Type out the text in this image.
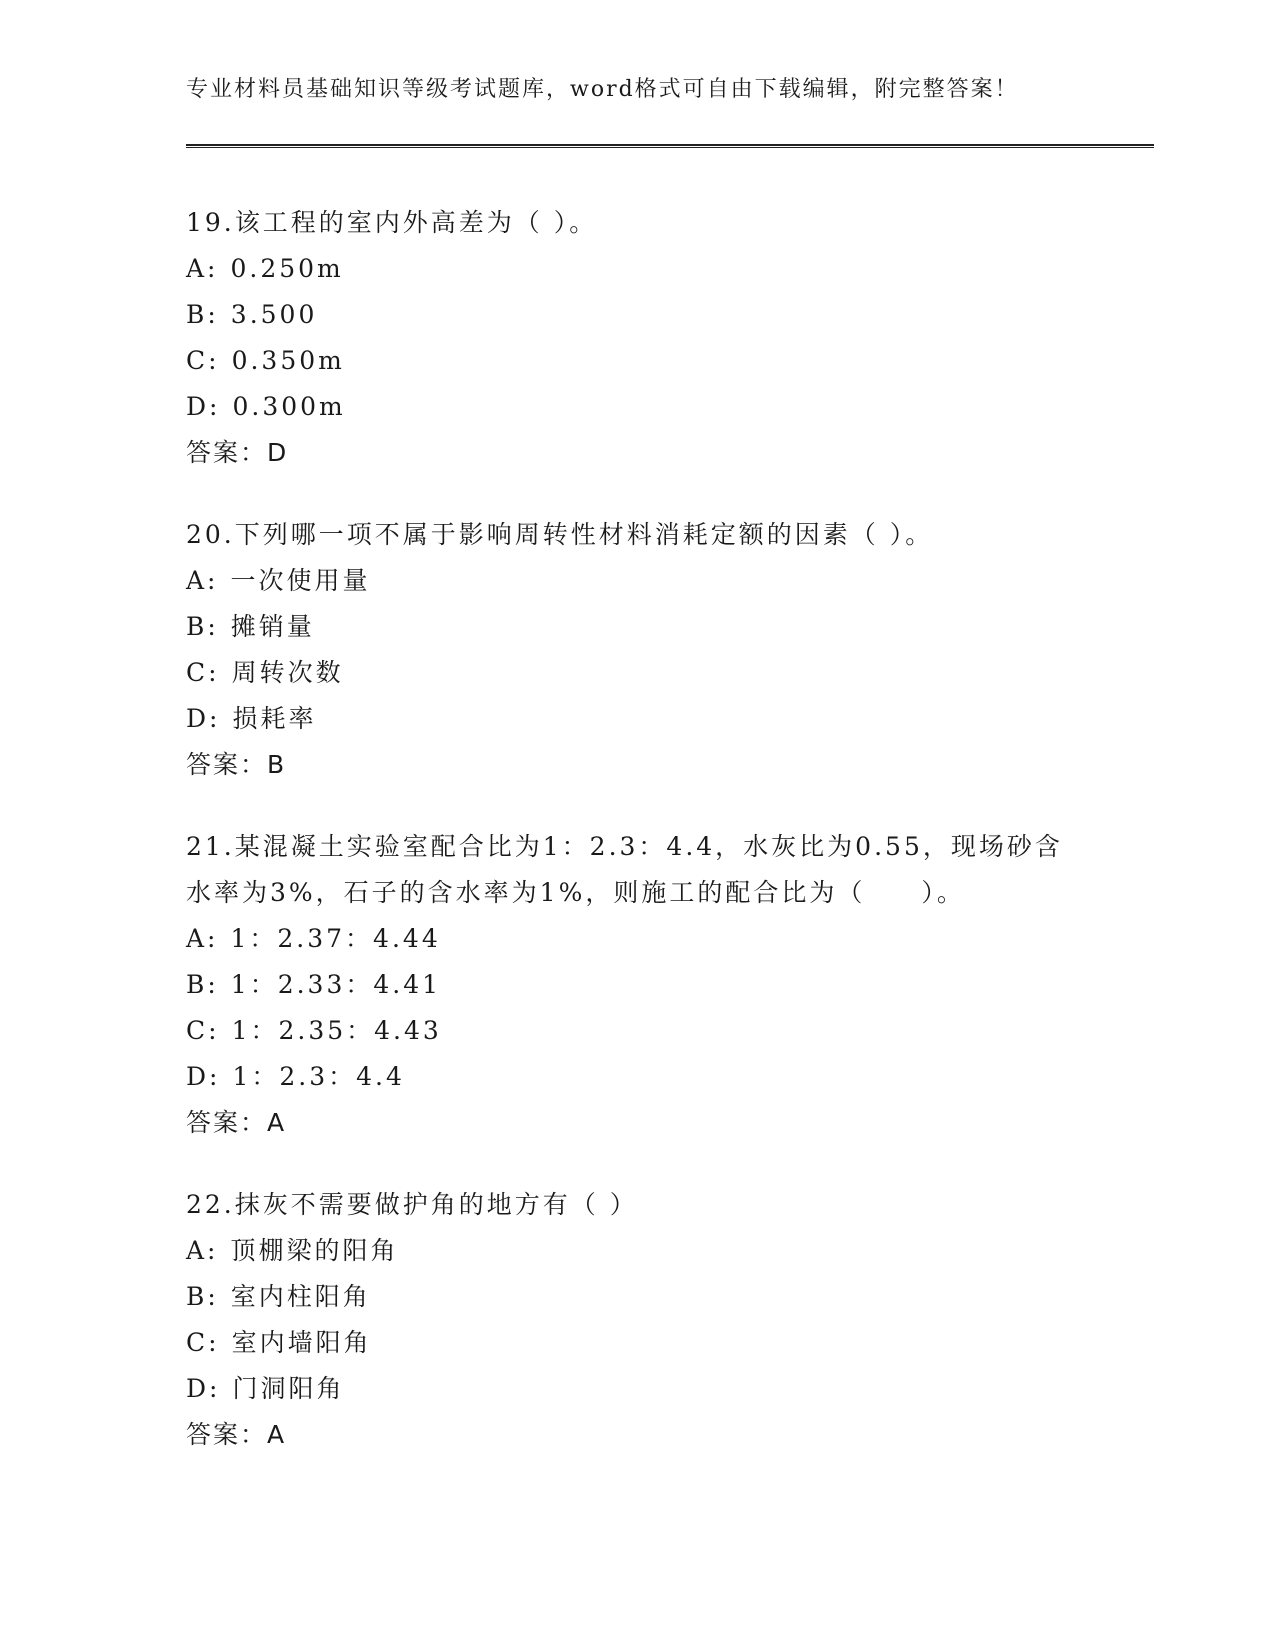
专业材料员基础知识等级考试题库，word格式可自由下载编辑，附完整答案！
19.该工程的室内外高差为（ ）。
A: 0.250m
B: 3.500
C: 0.350m
D: 0.300m
答案：D
20.下列哪一项不属于影响周转性材料消耗定额的因素（ ）。
A: 一次使用量
B: 摊销量
C: 周转次数
D: 损耗率
答案：B
21.某混凝土实验室配合比为1：2.3：4.4，水灰比为0.55，现场砂含
水率为3%，石子的含水率为1%，则施工的配合比为（　　）。
A: 1：2.37：4.44
B: 1：2.33：4.41
C: 1：2.35：4.43
D: 1：2.3：4.4
答案：A
22.抹灰不需要做护角的地方有（ ）
A: 顶棚梁的阳角
B: 室内柱阳角
C: 室内墙阳角
D: 门洞阳角
答案：A
